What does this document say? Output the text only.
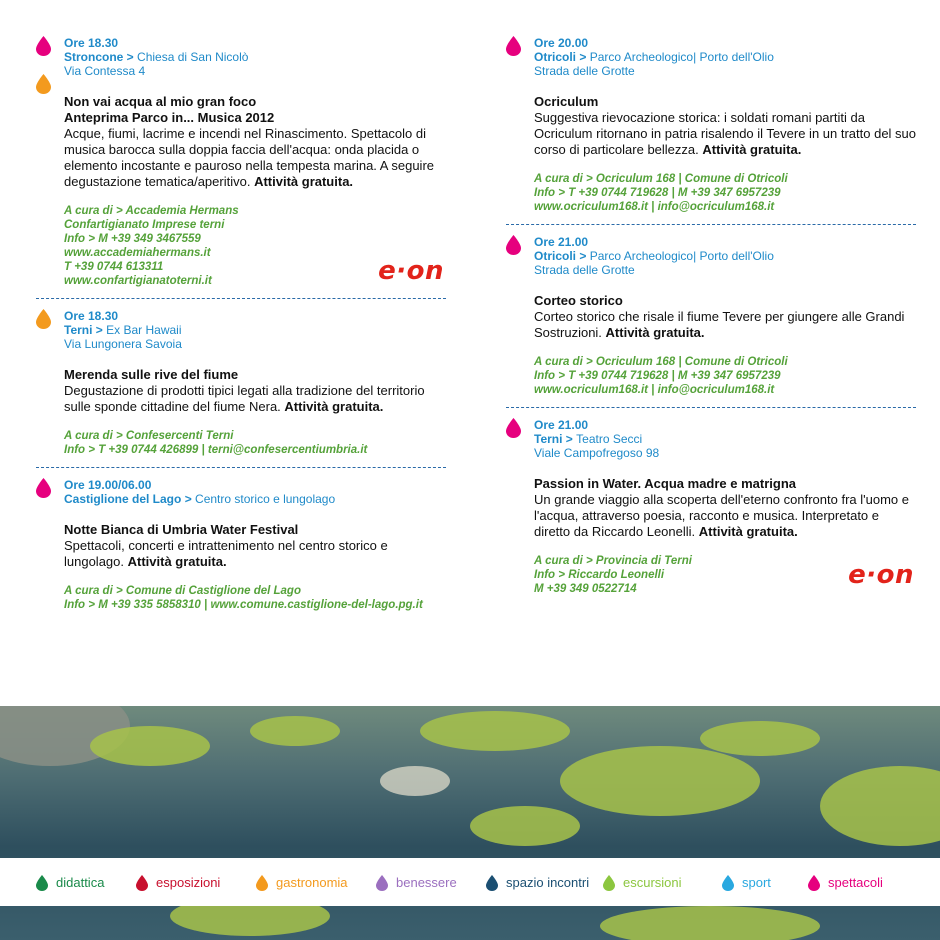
Ore 18.30
Stroncone > Chiesa di San Nicolò
Via Contessa 4
Non vai acqua al mio gran foco
Anteprima Parco in... Musica 2012
Acque, fiumi, lacrime e incendi nel Rinascimento. Spettacolo di musica barocca sulla doppia faccia dell'acqua: onda placida o elemento incostante e pauroso nella tempesta marina. A seguire degustazione tematica/aperitivo. Attività gratuita.
A cura di > Accademia Hermans
Confartigianato Imprese terni
Info > M +39 349 3467559
www.accademiahermans.it
T +39 0744 613311
www.confartigianatoterni.it	e·on
Ore 18.30
Terni > Ex Bar Hawaii
Via Lungonera Savoia
Merenda sulle rive del fiume
Degustazione di prodotti tipici legati alla tradizione del territorio sulle sponde cittadine del fiume Nera. Attività gratuita.
A cura di > Confesercenti Terni
Info > T +39 0744 426899 | terni@confesercentiumbria.it
Ore 19.00/06.00
Castiglione del Lago > Centro storico e lungolago
Notte Bianca di Umbria Water Festival
Spettacoli, concerti e intrattenimento nel centro storico e lungolago. Attività gratuita.
A cura di > Comune di Castiglione del Lago
Info > M +39 335 5858310 | www.comune.castiglione-del-lago.pg.it
Ore 20.00
Otricoli > Parco Archeologico| Porto dell'Olio
Strada delle Grotte
Ocriculum
Suggestiva rievocazione storica: i soldati romani partiti da Ocriculum ritornano in patria risalendo il Tevere in un tratto del suo corso di particolare bellezza. Attività gratuita.
A cura di > Ocriculum 168 | Comune di Otricoli
Info > T +39 0744 719628 | M +39 347 6957239
www.ocriculum168.it | info@ocriculum168.it
Ore 21.00
Otricoli > Parco Archeologico| Porto dell'Olio
Strada delle Grotte
Corteo storico
Corteo storico che risale il fiume Tevere per giungere alle Grandi Sostruzioni. Attività gratuita.
A cura di > Ocriculum 168 | Comune di Otricoli
Info > T +39 0744 719628 | M +39 347 6957239
www.ocriculum168.it | info@ocriculum168.it
Ore 21.00
Terni > Teatro Secci
Viale Campofregoso 98
Passion in Water. Acqua madre e matrigna
Un grande viaggio alla scoperta dell'eterno confronto fra l'uomo e l'acqua, attraverso poesia, racconto e musica. Interpretato e diretto da Riccardo Leonelli. Attività gratuita.
A cura di > Provincia di Terni
Info > Riccardo Leonelli
M +39 349 0522714	e·on
didattica	esposizioni	gastronomia	benessere	spazio incontri	escursioni	sport	spettacoli
